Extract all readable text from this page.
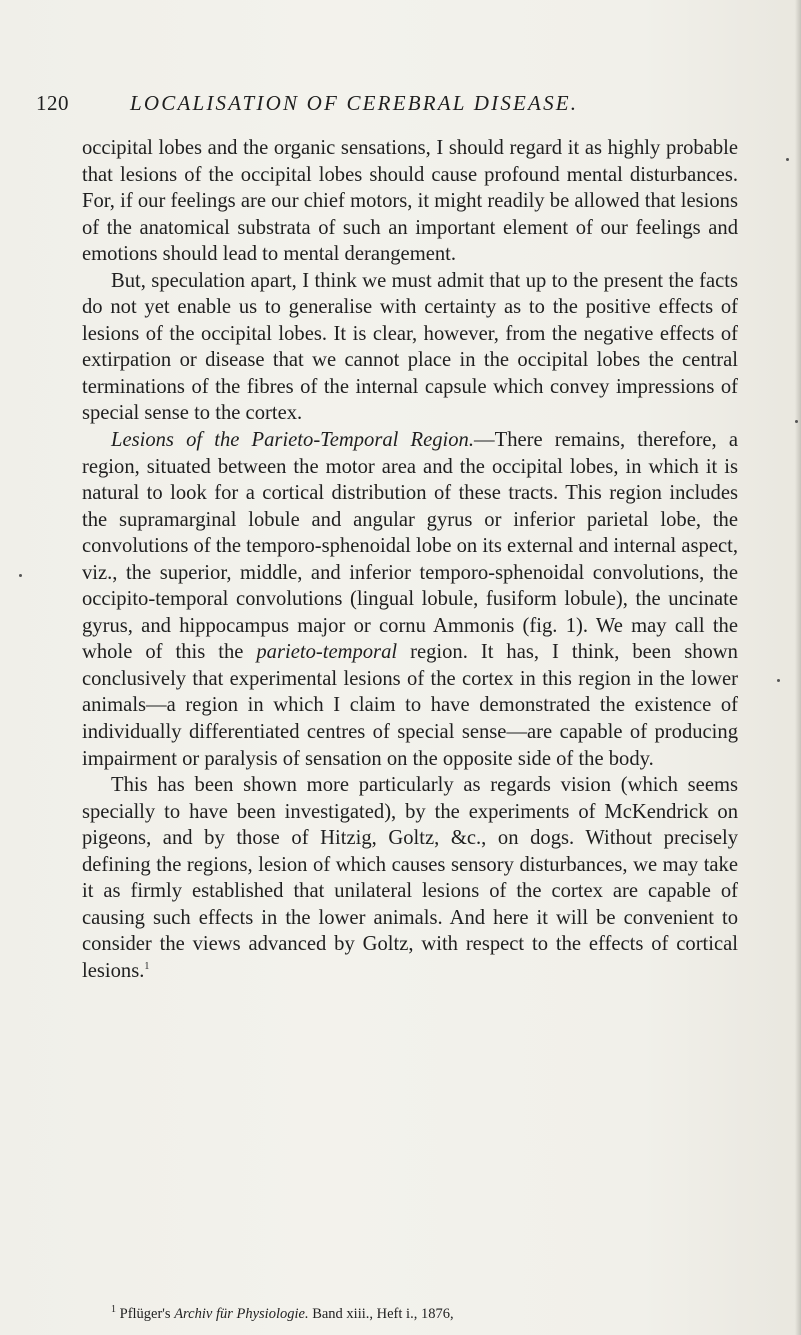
120	LOCALISATION OF CEREBRAL DISEASE.

occipital lobes and the organic sensations, I should regard it as highly probable that lesions of the occipital lobes should cause profound mental disturbances. For, if our feelings are our chief motors, it might readily be allowed that lesions of the anatomical substrata of such an important element of our feelings and emotions should lead to mental derangement.

But, speculation apart, I think we must admit that up to the present the facts do not yet enable us to generalise with certainty as to the positive effects of lesions of the occipital lobes. It is clear, however, from the negative effects of extirpation or disease that we cannot place in the occipital lobes the central terminations of the fibres of the internal capsule which convey impressions of special sense to the cortex.

Lesions of the Parieto-Temporal Region.—There remains, therefore, a region, situated between the motor area and the occipital lobes, in which it is natural to look for a cortical distribution of these tracts. This region includes the supramarginal lobule and angular gyrus or inferior parietal lobe, the convolutions of the temporo-sphenoidal lobe on its external and internal aspect, viz., the superior, middle, and inferior temporo-sphenoidal convolutions, the occipito-temporal convolutions (lingual lobule, fusiform lobule), the uncinate gyrus, and hippocampus major or cornu Ammonis (fig. 1). We may call the whole of this the parieto-temporal region. It has, I think, been shown conclusively that experimental lesions of the cortex in this region in the lower animals—a region in which I claim to have demonstrated the existence of individually differentiated centres of special sense—are capable of producing impairment or paralysis of sensation on the opposite side of the body.

This has been shown more particularly as regards vision (which seems specially to have been investigated), by the experiments of McKendrick on pigeons, and by those of Hitzig, Goltz, &c., on dogs. Without precisely defining the regions, lesion of which causes sensory disturbances, we may take it as firmly established that unilateral lesions of the cortex are capable of causing such effects in the lower animals. And here it will be convenient to consider the views advanced by Goltz, with respect to the effects of cortical lesions.$^1$

$^1$ Pflüger's Archiv für Physiologie. Band xiii., Heft i., 1876,
